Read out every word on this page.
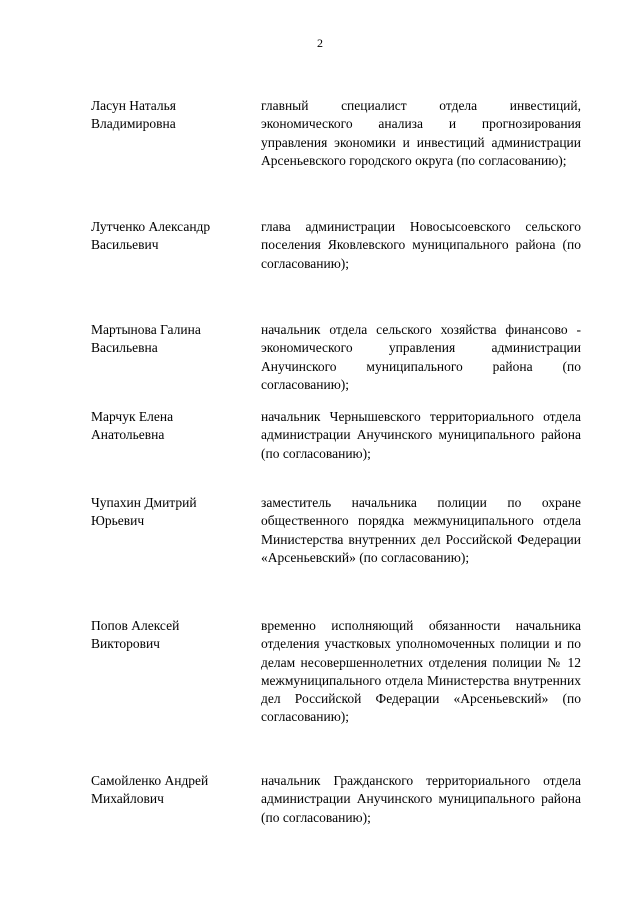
2
Ласун Наталья
Владимировна
главный специалист отдела инвестиций, экономического анализа и прогнозирования управления экономики и инвестиций администрации Арсеньевского городского округа (по согласованию);
Лутченко Александр
Васильевич
глава администрации Новосысоевского сельского поселения Яковлевского муниципального района (по согласованию);
Мартынова Галина
Васильевна
начальник отдела сельского хозяйства финансово - экономического управления администрации Анучинского муниципального района (по согласованию);
Марчук Елена
Анатольевна
начальник Чернышевского территориального отдела администрации Анучинского муниципального района (по согласованию);
Чупахин Дмитрий
Юрьевич
заместитель начальника полиции по охране общественного порядка межмуниципального отдела Министерства внутренних дел Российской Федерации «Арсеньевский» (по согласованию);
Попов Алексей
Викторович
временно исполняющий обязанности начальника отделения участковых уполномоченных полиции и по делам несовершеннолетних отделения полиции № 12 межмуниципального отдела Министерства внутренних дел Российской Федерации «Арсеньевский» (по согласованию);
Самойленко Андрей
Михайлович
начальник Гражданского территориального отдела администрации Анучинского муниципального района (по согласованию);
